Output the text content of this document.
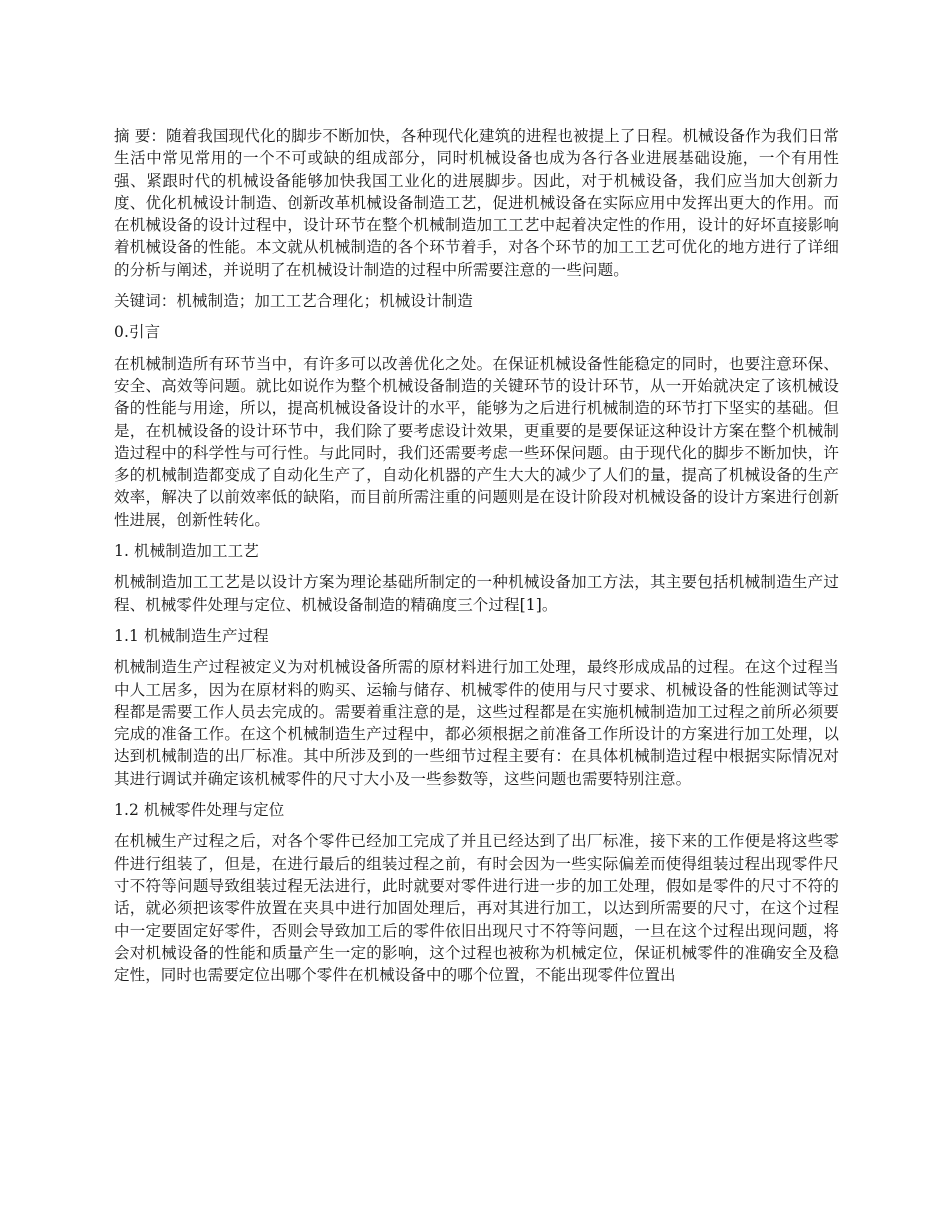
摘 要：随着我国现代化的脚步不断加快，各种现代化建筑的进程也被提上了日程。机械设备作为我们日常生活中常见常用的一个不可或缺的组成部分，同时机械设备也成为各行各业进展基础设施，一个有用性强、紧跟时代的机械设备能够加快我国工业化的进展脚步。因此，对于机械设备，我们应当加大创新力度、优化机械设计制造、创新改革机械设备制造工艺，促进机械设备在实际应用中发挥出更大的作用。而在机械设备的设计过程中，设计环节在整个机械制造加工工艺中起着决定性的作用，设计的好坏直接影响着机械设备的性能。本文就从机械制造的各个环节着手，对各个环节的加工工艺可优化的地方进行了详细的分析与阐述，并说明了在机械设计制造的过程中所需要注意的一些问题。

关键词：机械制造；加工工艺合理化；机械设计制造

0.引言

在机械制造所有环节当中，有许多可以改善优化之处。在保证机械设备性能稳定的同时，也要注意环保、安全、高效等问题。就比如说作为整个机械设备制造的关键环节的设计环节，从一开始就决定了该机械设备的性能与用途，所以，提高机械设备设计的水平，能够为之后进行机械制造的环节打下坚实的基础。但是，在机械设备的设计环节中，我们除了要考虑设计效果，更重要的是要保证这种设计方案在整个机械制造过程中的科学性与可行性。与此同时，我们还需要考虑一些环保问题。由于现代化的脚步不断加快，许多的机械制造都变成了自动化生产了，自动化机器的产生大大的减少了人们的量，提高了机械设备的生产效率，解决了以前效率低的缺陷，而目前所需注重的问题则是在设计阶段对机械设备的设计方案进行创新性进展，创新性转化。

1. 机械制造加工工艺

机械制造加工工艺是以设计方案为理论基础所制定的一种机械设备加工方法，其主要包括机械制造生产过程、机械零件处理与定位、机械设备制造的精确度三个过程[1]。

1.1 机械制造生产过程

机械制造生产过程被定义为对机械设备所需的原材料进行加工处理，最终形成成品的过程。在这个过程当中人工居多，因为在原材料的购买、运输与储存、机械零件的使用与尺寸要求、机械设备的性能测试等过程都是需要工作人员去完成的。需要着重注意的是，这些过程都是在实施机械制造加工过程之前所必须要完成的准备工作。在这个机械制造生产过程中，都必须根据之前准备工作所设计的方案进行加工处理，以达到机械制造的出厂标准。其中所涉及到的一些细节过程主要有：在具体机械制造过程中根据实际情况对其进行调试并确定该机械零件的尺寸大小及一些参数等，这些问题也需要特别注意。

1.2 机械零件处理与定位

在机械生产过程之后，对各个零件已经加工完成了并且已经达到了出厂标准，接下来的工作便是将这些零件进行组装了，但是，在进行最后的组装过程之前，有时会因为一些实际偏差而使得组装过程出现零件尺寸不符等问题导致组装过程无法进行，此时就要对零件进行进一步的加工处理，假如是零件的尺寸不符的话，就必须把该零件放置在夹具中进行加固处理后，再对其进行加工，以达到所需要的尺寸，在这个过程中一定要固定好零件，否则会导致加工后的零件依旧出现尺寸不符等问题，一旦在这个过程出现问题，将会对机械设备的性能和质量产生一定的影响，这个过程也被称为机械定位，保证机械零件的准确安全及稳定性，同时也需要定位出哪个零件在机械设备中的哪个位置，不能出现零件位置出
